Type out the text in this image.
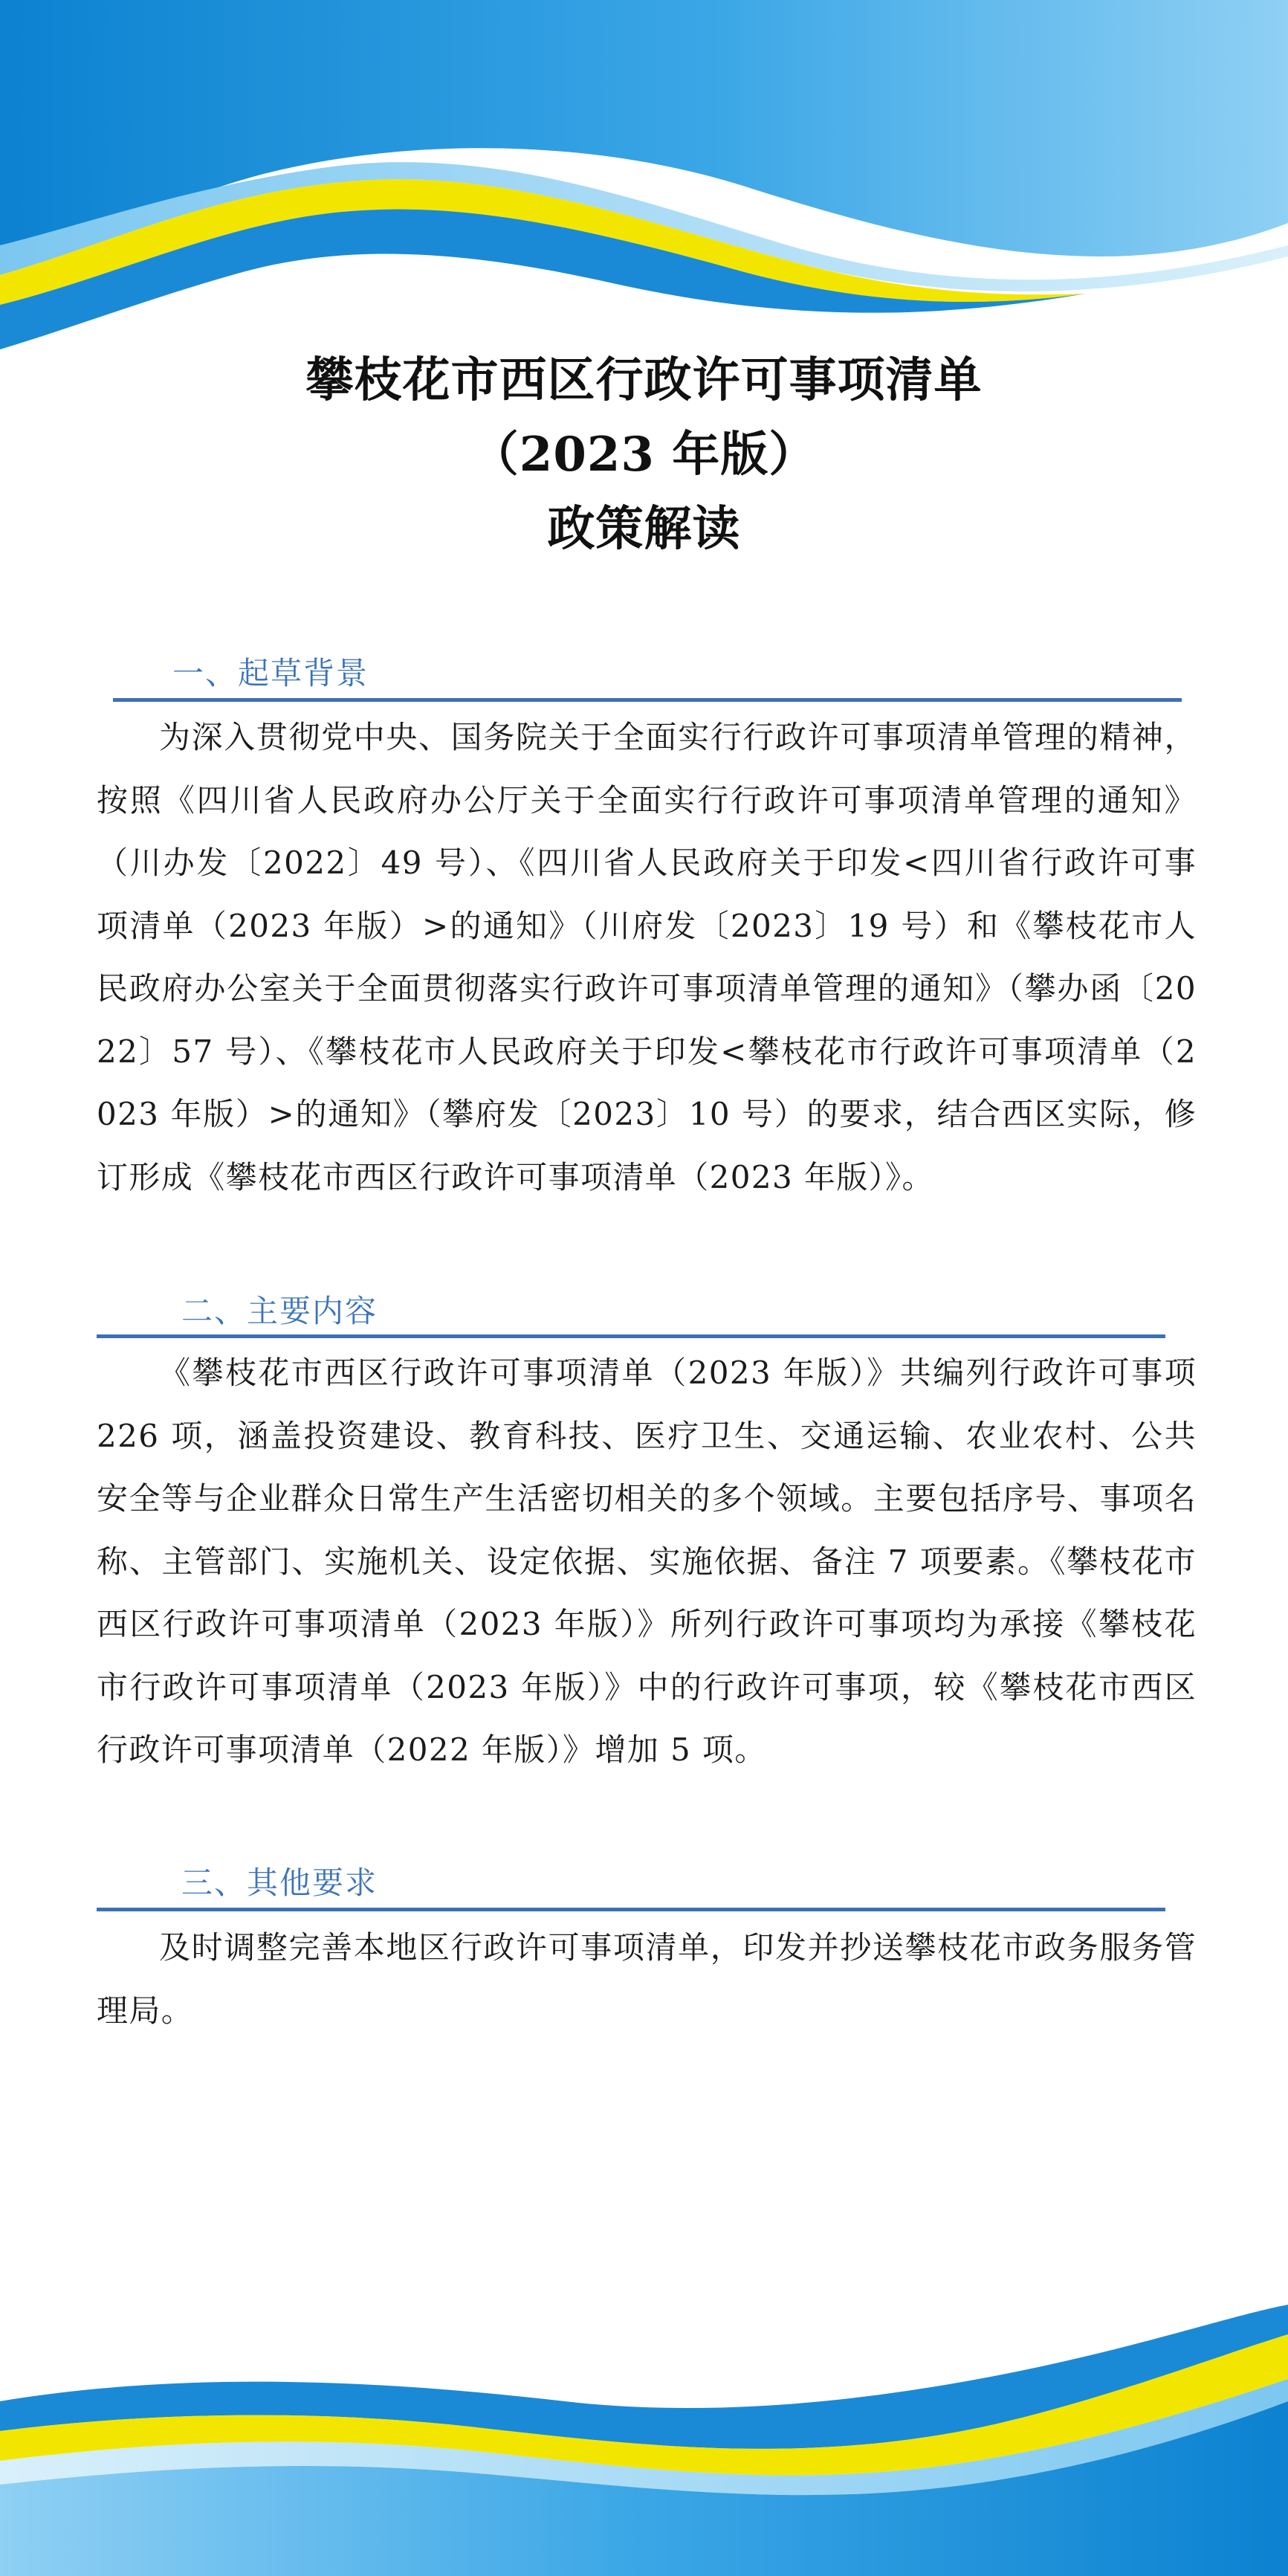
攀枝花市西区行政许可事项清单
（2023 年版）
政策解读
一、起草背景
为深入贯彻党中央、国务院关于全面实行行政许可事项清单管理的精神，按照《四川省人民政府办公厅关于全面实行行政许可事项清单管理的通知》（川办发〔2022〕49 号）、《四川省人民政府关于印发<四川省行政许可事项清单（2023 年版）>的通知》（川府发〔2023〕19 号）和《攀枝花市人民政府办公室关于全面贯彻落实行政许可事项清单管理的通知》（攀办函〔2022〕57 号）、《攀枝花市人民政府关于印发<攀枝花市行政许可事项清单（2023 年版）>的通知》（攀府发〔2023〕10 号）的要求，结合西区实际，修订形成《攀枝花市西区行政许可事项清单（2023 年版）》。
二、主要内容
《攀枝花市西区行政许可事项清单（2023 年版）》共编列行政许可事项 226 项，涵盖投资建设、教育科技、医疗卫生、交通运输、农业农村、公共安全等与企业群众日常生产生活密切相关的多个领域。主要包括序号、事项名称、主管部门、实施机关、设定依据、实施依据、备注 7 项要素。《攀枝花市西区行政许可事项清单（2023 年版）》所列行政许可事项均为承接《攀枝花市行政许可事项清单（2023 年版）》中的行政许可事项，较《攀枝花市西区行政许可事项清单（2022 年版）》增加 5 项。
三、其他要求
及时调整完善本地区行政许可事项清单，印发并抄送攀枝花市政务服务管理局。
